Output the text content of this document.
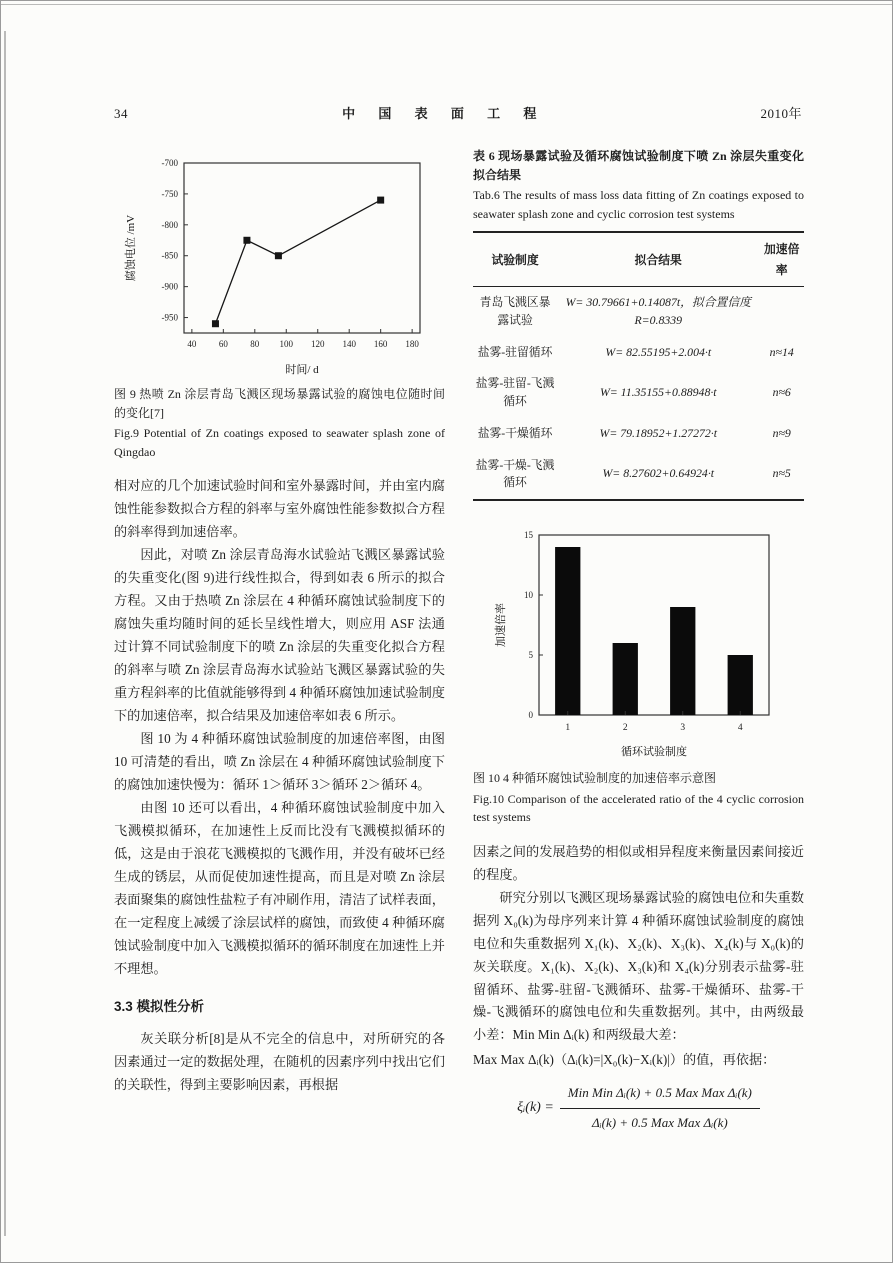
34	中 国 表 面 工 程	2010年
40 60 80 100 120 140 160 180
-950
-900
-850
-800
-750
-700
时间/ d
腐蚀电位 /mV

图 9 热喷 Zn 涂层青岛飞溅区现场暴露试验的腐蚀电位随时间的变化[7]

Fig.9 Potential of Zn coatings exposed to seawater splash zone of Qingdao

相对应的几个加速试验时间和室外暴露时间，并由室内腐蚀性能参数拟合方程的斜率与室外腐蚀性能参数拟合方程的斜率得到加速倍率。

因此，对喷 Zn 涂层青岛海水试验站飞溅区暴露试验的失重变化(图 9)进行线性拟合，得到如表 6 所示的拟合方程。又由于热喷 Zn 涂层在 4 种循环腐蚀试验制度下的腐蚀失重均随时间的延长呈线性增大，则应用 ASF 法通过计算不同试验制度下的喷 Zn 涂层的失重变化拟合方程的斜率与喷 Zn 涂层青岛海水试验站飞溅区暴露试验的失重方程斜率的比值就能够得到 4 种循环腐蚀加速试验制度下的加速倍率，拟合结果及加速倍率如表 6 所示。

图 10 为 4 种循环腐蚀试验制度的加速倍率图，由图 10 可清楚的看出，喷 Zn 涂层在 4 种循环腐蚀试验制度下的腐蚀加速快慢为：循环 1＞循环 3＞循环 2＞循环 4。

由图 10 还可以看出，4 种循环腐蚀试验制度中加入飞溅模拟循环，在加速性上反而比没有飞溅模拟循环的低，这是由于浪花飞溅模拟的飞溅作用，并没有破坏已经生成的锈层，从而促使加速性提高，而且是对喷 Zn 涂层表面聚集的腐蚀性盐粒子有冲刷作用，清洁了试样表面，在一定程度上减缓了涂层试样的腐蚀，而致使 4 种循环腐蚀试验制度中加入飞溅模拟循环的循环制度在加速性上并不理想。

3.3 模拟性分析

灰关联分析[8]是从不完全的信息中，对所研究的各因素通过一定的数据处理，在随机的因素序列中找出它们的关联性，得到主要影响因素，再根据

表 6 现场暴露试验及循环腐蚀试验制度下喷 Zn 涂层失重变化拟合结果

Tab.6 The results of mass loss data fitting of Zn coatings exposed to seawater splash zone and cyclic corrosion test systems

试验制度	拟合结果	加速倍率
青岛飞溅区暴露试验	W= 30.79661+0.14087t，拟合置信度 R=0.8339	
盐雾-驻留循环	W= 82.55195+2.004·t	n≈14
盐雾-驻留-飞溅循环	W= 11.35155+0.88948·t	n≈6
盐雾-干燥循环	W= 79.18952+1.27272·t	n≈9
盐雾-干燥-飞溅循环	W= 8.27602+0.64924·t	n≈5
0
5
10
15
1	2	3	4
循环试验制度
加速倍率

图 10 4 种循环腐蚀试验制度的加速倍率示意图

Fig.10 Comparison of the accelerated ratio of the 4 cyclic corrosion test systems

因素之间的发展趋势的相似或相异程度来衡量因素间接近的程度。

研究分别以飞溅区现场暴露试验的腐蚀电位和失重数据列 X₀(k)为母序列来计算 4 种循环腐蚀试验制度的腐蚀电位和失重数据列 X₁(k)、X₂(k)、X₃(k)、X₄(k)与 X₀(k)的灰关联度。X₁(k)、X₂(k)、X₃(k)和 X₄(k)分别表示盐雾-驻留循环、盐雾-驻留-飞溅循环、盐雾-干燥循环、盐雾-干燥-飞溅循环的腐蚀电位和失重数据列。其中，由两级最小差：Min Min Δᵢ(k) 和两级最大差：

Max Max Δᵢ(k)（Δᵢ(k)=|X₀(k)−Xᵢ(k)|）的值，再依据：

ξᵢ(k) = $\frac{\text{Min Min Δᵢ(k) + 0.5 Max Max Δᵢ(k)}}{\text{Δᵢ(k) + 0.5 Max Max Δᵢ(k)}}$
